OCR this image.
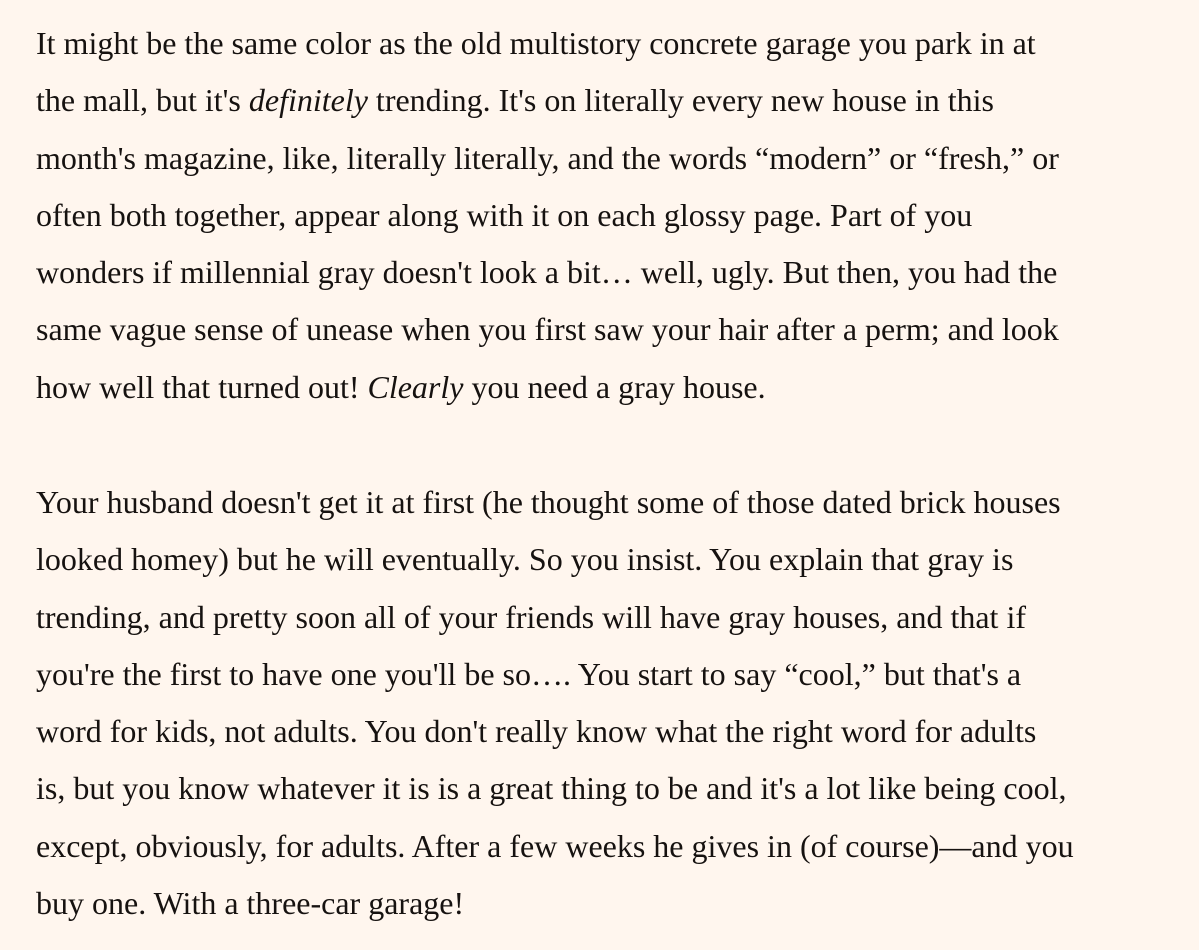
It might be the same color as the old multistory concrete garage you park in at
the mall, but it's definitely trending. It's on literally every new house in this
month's magazine, like, literally literally, and the words “modern” or “fresh,” or
often both together, appear along with it on each glossy page. Part of you
wonders if millennial gray doesn't look a bit… well, ugly. But then, you had the
same vague sense of unease when you first saw your hair after a perm; and look
how well that turned out! Clearly you need a gray house.

Your husband doesn't get it at first (he thought some of those dated brick houses
looked homey) but he will eventually. So you insist. You explain that gray is
trending, and pretty soon all of your friends will have gray houses, and that if
you're the first to have one you'll be so…. You start to say “cool,” but that's a
word for kids, not adults. You don't really know what the right word for adults
is, but you know whatever it is is a great thing to be and it's a lot like being cool,
except, obviously, for adults. After a few weeks he gives in (of course)—and you
buy one. With a three-car garage!
